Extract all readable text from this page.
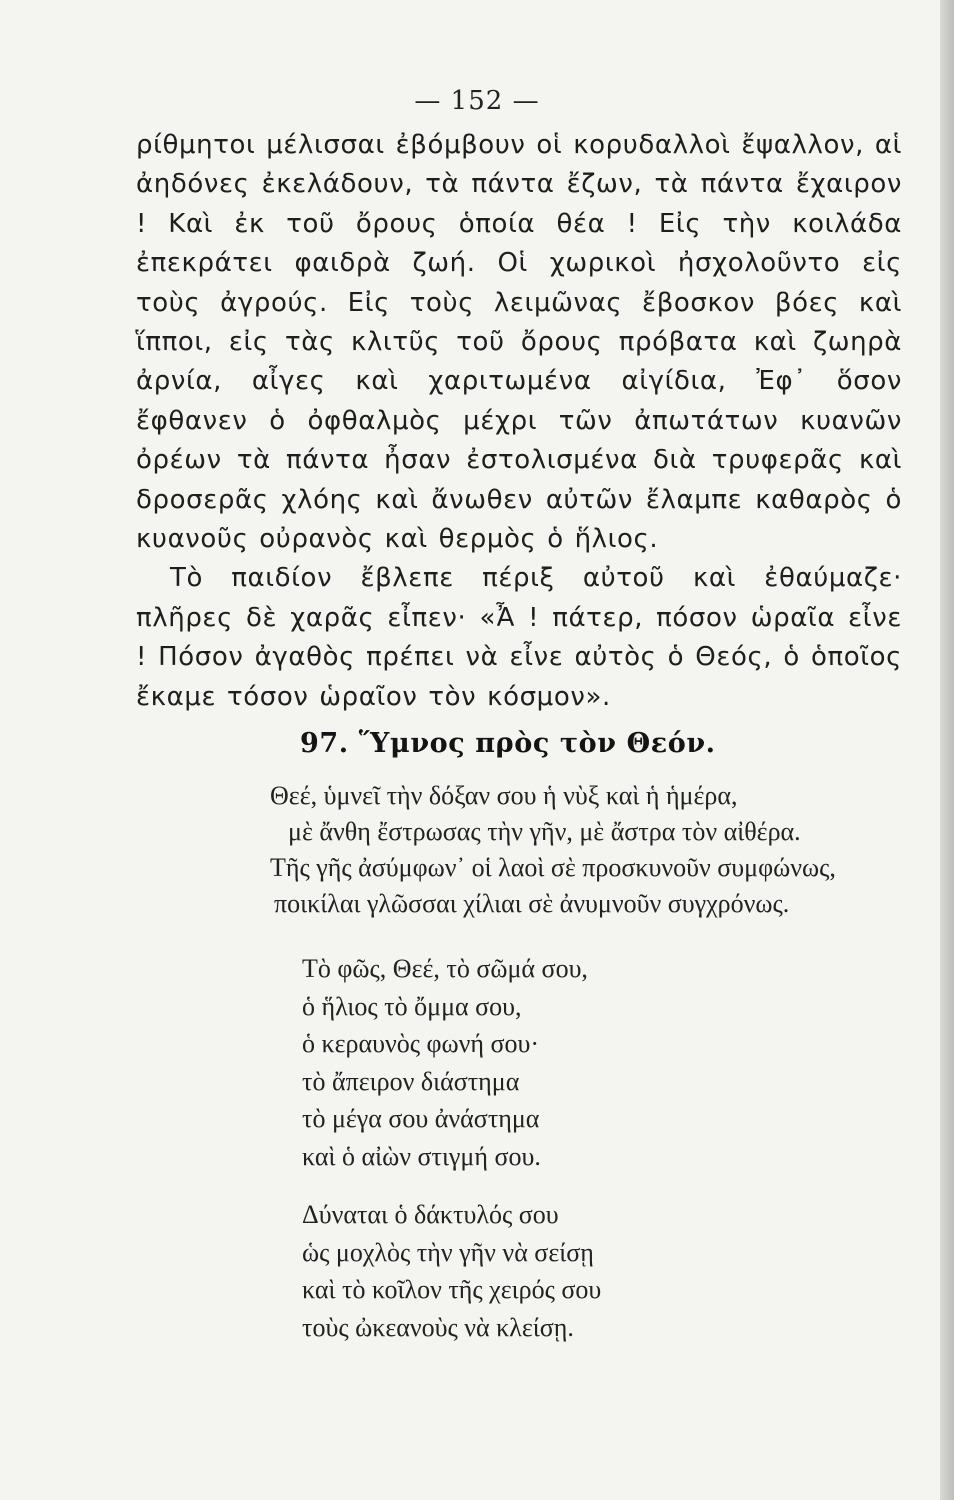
— 152 —

ρίθμητοι μέλισσαι ἐβόμβουν οἱ κορυδαλλοὶ ἔψαλλον, αἱ ἀηδόνες ἐκελάδουν, τὰ πάντα ἔζων, τὰ πάντα ἔχαιρον ! Καὶ ἐκ τοῦ ὄρους ὁποία θέα ! Εἰς τὴν κοιλάδα ἐπεκράτει φαιδρὰ ζωή. Οἱ χωρικοὶ ἠσχολοῦντο εἰς τοὺς ἀγρούς. Εἰς τοὺς λειμῶνας ἔβοσκον βόες καὶ ἵπποι, εἰς τὰς κλιτῦς τοῦ ὄρους πρόβατα καὶ ζωηρὰ ἀρνία, αἶγες καὶ χαριτωμένα αἰγίδια, Ἐφ᾿ ὅσον ἔφθανεν ὁ ὀφθαλμὸς μέχρι τῶν ἀπωτάτων κυανῶν ὀρέων τὰ πάντα ἦσαν ἐστολισμένα διὰ τρυφερᾶς καὶ δροσερᾶς χλόης καὶ ἄνωθεν αὐτῶν ἔλαμπε καθαρὸς ὁ κυανοῦς οὐρανὸς καὶ θερμὸς ὁ ἥλιος.

Τὸ παιδίον ἔβλεπε πέριξ αὐτοῦ καὶ ἐθαύμαζε· πλῆρες δὲ χαρᾶς εἶπεν· «Ἆ ! πάτερ, πόσον ὡραῖα εἶνε ! Πόσον ἀγαθὸς πρέπει νὰ εἶνε αὐτὸς ὁ Θεός, ὁ ὁποῖος ἔκαμε τόσον ὡραῖον τὸν κόσμον».

97. Ὕμνος πρὸς τὸν Θεόν.
Θεέ, ὑμνεῖ τὴν δόξαν σου ἡ νὺξ καὶ ἡ ἡμέρα,
μὲ ἄνθη ἔστρωσας τὴν γῆν, μὲ ἄστρα τὸν αἰθέρα.
Τῆς γῆς ἀσύμφων᾿ οἱ λαοὶ σὲ προσκυνοῦν συμφώνως,
ποικίλαι γλῶσσαι χίλιαι σὲ ἀνυμνοῦν συγχρόνως.
Τὸ φῶς, Θεέ, τὸ σῶμά σου,
ὁ ἥλιος τὸ ὄμμα σου,
ὁ κεραυνὸς φωνή σου·
τὸ ἄπειρον διάστημα
τὸ μέγα σου ἀνάστημα
καὶ ὁ αἰὼν στιγμή σου.
Δύναται ὁ δάκτυλός σου
ὡς μοχλὸς τὴν γῆν νὰ σείσῃ
καὶ τὸ κοῖλον τῆς χειρός σου
τοὺς ὠκεανοὺς νὰ κλείσῃ.
